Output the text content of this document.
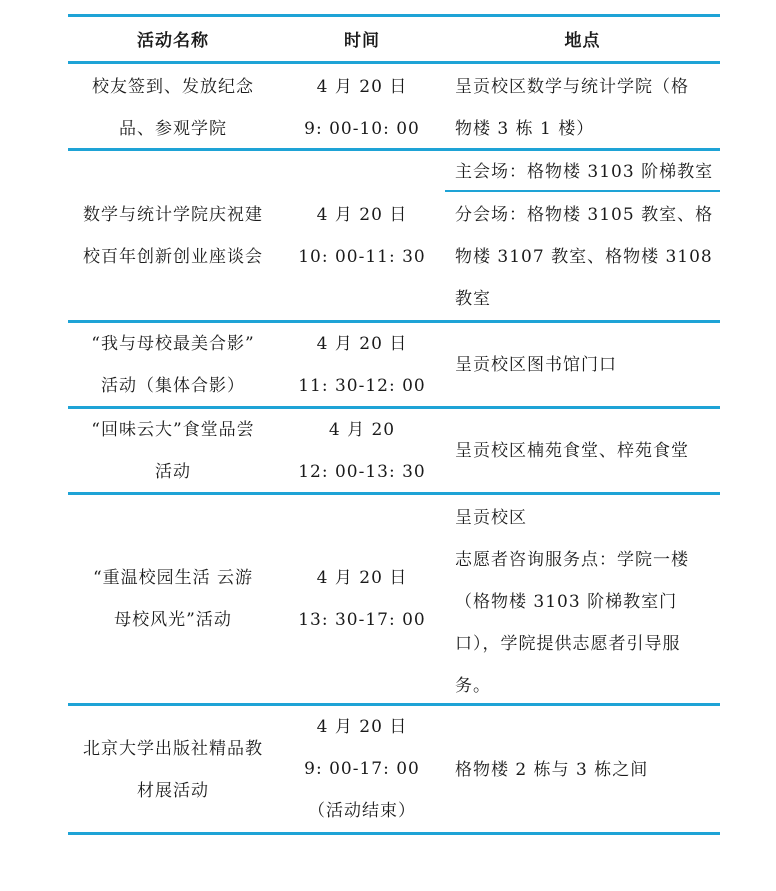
活动名称	时间	地点
校友签到、发放纪念
品、参观学院
4 月 20 日
9: 00-10: 00
呈贡校区数学与统计学院（格
物楼 3 栋 1 楼）
数学与统计学院庆祝建
校百年创新创业座谈会
4 月 20 日
10: 00-11: 30
主会场：格物楼 3103 阶梯教室
分会场：格物楼 3105 教室、格
物楼 3107 教室、格物楼 3108
教室
“我与母校最美合影”
活动（集体合影）
4 月 20 日
11: 30-12: 00
呈贡校区图书馆门口
“回味云大”食堂品尝
活动
4 月 20
12: 00-13: 30
呈贡校区楠苑食堂、梓苑食堂
“重温校园生活 云游
母校风光”活动
4 月 20 日
13: 30-17: 00
呈贡校区
志愿者咨询服务点：学院一楼
（格物楼 3103 阶梯教室门
口），学院提供志愿者引导服
务。
北京大学出版社精品教
材展活动
4 月 20 日
9: 00-17: 00
（活动结束）
格物楼 2 栋与 3 栋之间
